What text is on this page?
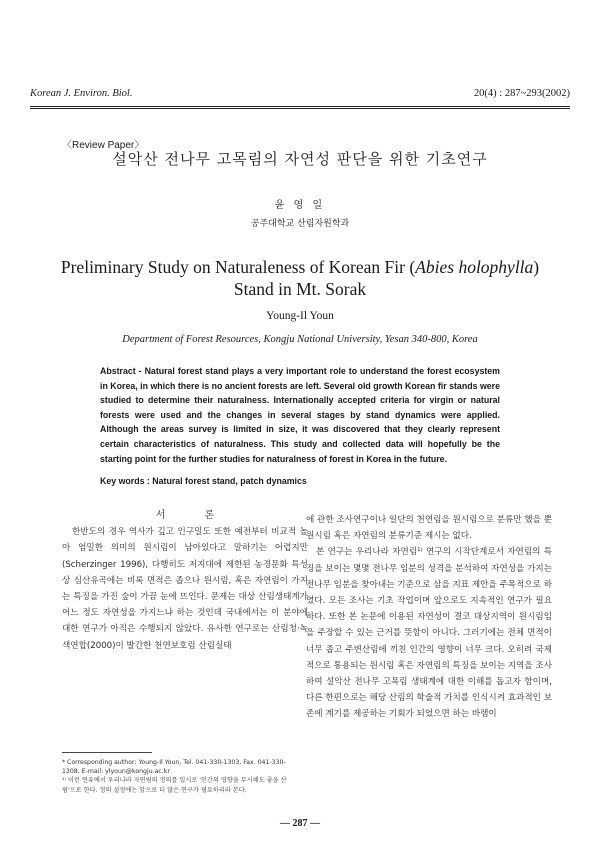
Korean J. Environ. Biol.	20(4) : 287~293(2002)
〈Review Paper〉
설악산 전나무 고목림의 자연성 판단을 위한 기초연구
윤 영 일
공주대학교 산림자원학과
Preliminary Study on Naturaleness of Korean Fir (Abies holophylla)
Stand in Mt. Sorak
Young-Il Youn
Department of Forest Resources, Kongju National University, Yesan 340-800, Korea
Abstract - Natural forest stand plays a very important role to understand the forest ecosystem in Korea, in which there is no ancient forests are left. Several old growth Korean fir stands were studied to determine their naturalness. Internationally accepted criteria for virgin or natural forests were used and the changes in several stages by stand dynamics were applied. Although the areas survey is limited in size, it was discovered that they clearly represent certain characteristics of naturalness. This study and collected data will hopefully be the starting point for the further studies for naturalness of forest in Korea in the future.
Key words : Natural forest stand, patch dynamics

서 론

한반도의 경우 역사가 깊고 인구밀도 또한 예전부터 비교적 높아 엄밀한 의미의 원시림이 남아있다고 말하기는 어렵지만(Scherzinger 1996), 다행히도 저지대에 제한된 농경문화 특성상 심산유곡에는 비록 면적은 좁으나 원시림, 혹은 자연림이 가지는 특징을 가진 숲이 가끔 눈에 뜨인다. 문제는 대상 산림생태계가 어느 정도 자연성을 가지느냐 하는 것인데 국내에서는 이 분야에 대한 연구가 아직은 수행되지 않았다. 유사한 연구로는 산림청·녹색연합(2000)이 발간한 천연보호림 산림실태

에 관한 조사연구이나 일단의 천연림을 원시림으로 분류만 했을 뿐 원시림 혹은 자연림의 분류기준 제시는 없다.

본 연구는 우리나라 자연림¹⁾ 연구의 시작단계로서 자연림의 특징을 보이는 몇몇 전나무 임분의 성격을 분석하여 자연성을 가지는 전나무 임분을 찾아내는 기준으로 삼을 지표 제안을 주목적으로 하였다. 모든 조사는 기초 작업이며 앞으로도 지속적인 연구가 필요하다. 또한 본 논문에 이용된 자연성이 결코 대상지역이 원시림임을 주장할 수 있는 근거를 뜻함이 아니다. 그러기에는 전체 면적이 너무 좁고 주변산림에 끼친 인간의 영향이 너무 크다. 오히려 국제적으로 통용되는 원시림 혹은 자연림의 특징을 보이는 지역을 조사하여 설악산 전나무 고목림 생태계에 대한 이해를 돕고자 함이며, 다른 한편으로는 해당 산림의 학술적 가치를 인식시켜 효과적인 보존에 계기를 제공하는 기회가 되었으면 하는 바램이

* Corresponding author: Young-Il Youn, Tel. 041-330-1303, Fax. 041-330-1308, E-mail: ylyoun@kongju.ac.kr
¹⁾ 이런 연유에서 우리나라 자연림의 정의를 일시로 '인간의 영향을 무시해도 좋을 산림'으로 한다. 정의 설정에는 앞으로 더 많은 연구가 필요하리라 본다.
— 287 —
